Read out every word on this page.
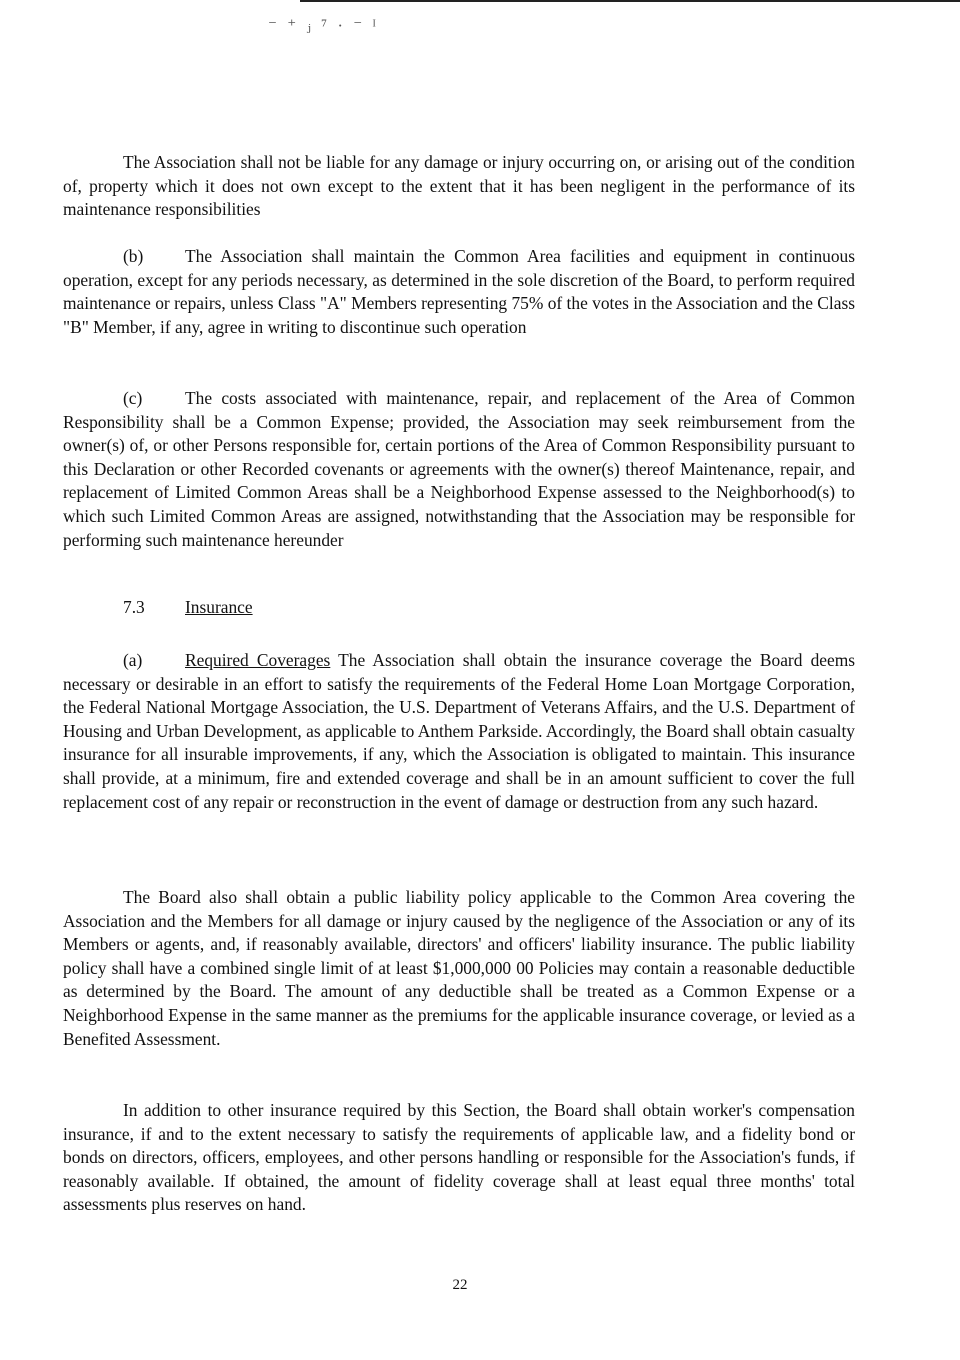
⁻ ⁺ ⱼ ⁷ · ⁻ ᴵ

The Association shall not be liable for any damage or injury occurring on, or arising out of the condition of, property which it does not own except to the extent that it has been negligent in the performance of its maintenance responsibilities

(b) The Association shall maintain the Common Area facilities and equipment in continuous operation, except for any periods necessary, as determined in the sole discretion of the Board, to perform required maintenance or repairs, unless Class "A" Members representing 75% of the votes in the Association and the Class "B" Member, if any, agree in writing to discontinue such operation

(c) The costs associated with maintenance, repair, and replacement of the Area of Common Responsibility shall be a Common Expense; provided, the Association may seek reimbursement from the owner(s) of, or other Persons responsible for, certain portions of the Area of Common Responsibility pursuant to this Declaration or other Recorded covenants or agreements with the owner(s) thereof Maintenance, repair, and replacement of Limited Common Areas shall be a Neighborhood Expense assessed to the Neighborhood(s) to which such Limited Common Areas are assigned, notwithstanding that the Association may be responsible for performing such maintenance hereunder

7.3 Insurance

(a) Required Coverages The Association shall obtain the insurance coverage the Board deems necessary or desirable in an effort to satisfy the requirements of the Federal Home Loan Mortgage Corporation, the Federal National Mortgage Association, the U.S. Department of Veterans Affairs, and the U.S. Department of Housing and Urban Development, as applicable to Anthem Parkside. Accordingly, the Board shall obtain casualty insurance for all insurable improvements, if any, which the Association is obligated to maintain. This insurance shall provide, at a minimum, fire and extended coverage and shall be in an amount sufficient to cover the full replacement cost of any repair or reconstruction in the event of damage or destruction from any such hazard.

The Board also shall obtain a public liability policy applicable to the Common Area covering the Association and the Members for all damage or injury caused by the negligence of the Association or any of its Members or agents, and, if reasonably available, directors' and officers' liability insurance. The public liability policy shall have a combined single limit of at least $1,000,000 00 Policies may contain a reasonable deductible as determined by the Board. The amount of any deductible shall be treated as a Common Expense or a Neighborhood Expense in the same manner as the premiums for the applicable insurance coverage, or levied as a Benefited Assessment.

In addition to other insurance required by this Section, the Board shall obtain worker's compensation insurance, if and to the extent necessary to satisfy the requirements of applicable law, and a fidelity bond or bonds on directors, officers, employees, and other persons handling or responsible for the Association's funds, if reasonably available. If obtained, the amount of fidelity coverage shall at least equal three months' total assessments plus reserves on hand.

22
